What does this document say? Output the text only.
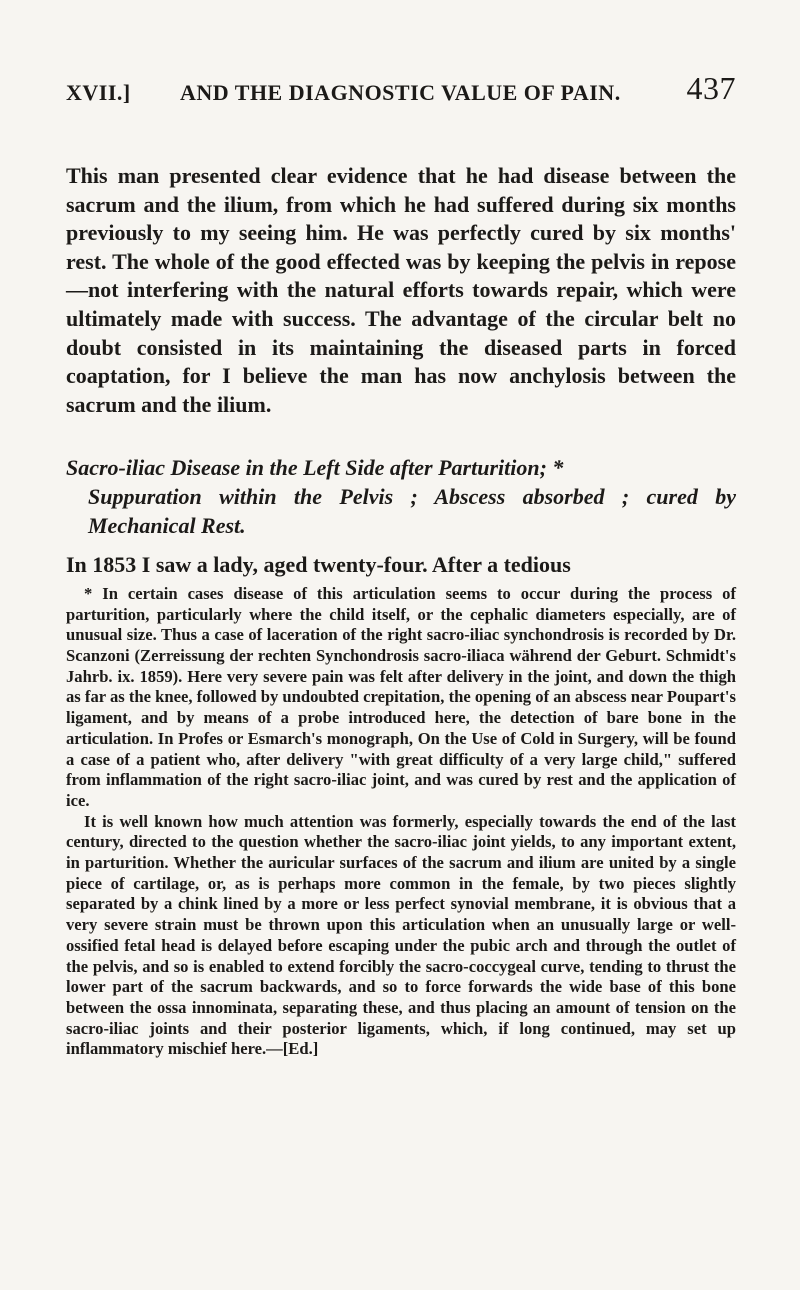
XVII.] AND THE DIAGNOSTIC VALUE OF PAIN. 437

This man presented clear evidence that he had disease between the sacrum and the ilium, from which he had suffered during six months previously to my seeing him. He was perfectly cured by six months' rest. The whole of the good effected was by keeping the pelvis in repose —not interfering with the natural efforts towards repair, which were ultimately made with success. The advantage of the circular belt no doubt consisted in its maintaining the diseased parts in forced coaptation, for I believe the man has now anchylosis between the sacrum and the ilium.

Sacro-iliac Disease in the Left Side after Parturition; *
Suppuration within the Pelvis ; Abscess absorbed ; cured by Mechanical Rest.

In 1853 I saw a lady, aged twenty-four. After a tedious

* In certain cases disease of this articulation seems to occur during the process of parturition, particularly where the child itself, or the cephalic diameters especially, are of unusual size. Thus a case of laceration of the right sacro-iliac synchondrosis is recorded by Dr. Scanzoni (Zerreissung der rechten Synchondrosis sacro-iliaca während der Geburt. Schmidt's Jahrb. ix. 1859). Here very severe pain was felt after delivery in the joint, and down the thigh as far as the knee, followed by undoubted crepitation, the opening of an abscess near Poupart's ligament, and by means of a probe introduced here, the detection of bare bone in the articulation. In Profes or Esmarch's monograph, On the Use of Cold in Surgery, will be found a case of a patient who, after delivery "with great difficulty of a very large child," suffered from inflammation of the right sacro-iliac joint, and was cured by rest and the application of ice.

It is well known how much attention was formerly, especially towards the end of the last century, directed to the question whether the sacro-iliac joint yields, to any important extent, in parturition. Whether the auricular surfaces of the sacrum and ilium are united by a single piece of cartilage, or, as is perhaps more common in the female, by two pieces slightly separated by a chink lined by a more or less perfect synovial membrane, it is obvious that a very severe strain must be thrown upon this articulation when an unusually large or well-ossified fetal head is delayed before escaping under the pubic arch and through the outlet of the pelvis, and so is enabled to extend forcibly the sacro-coccygeal curve, tending to thrust the lower part of the sacrum backwards, and so to force forwards the wide base of this bone between the ossa innominata, separating these, and thus placing an amount of tension on the sacro-iliac joints and their posterior ligaments, which, if long continued, may set up inflammatory mischief here.—[Ed.]
